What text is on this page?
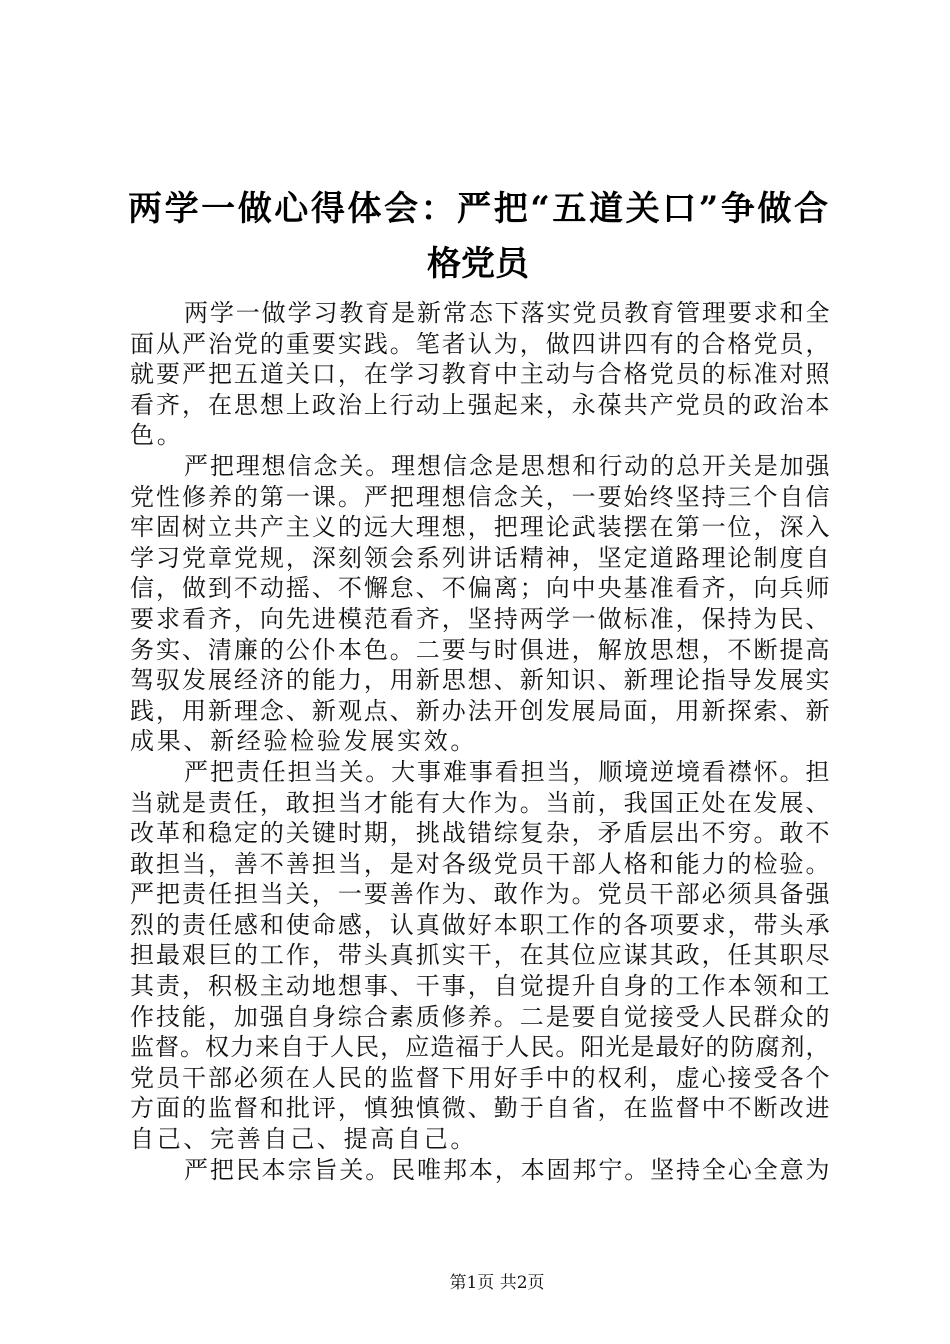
两学一做心得体会：严把“五道关口”争做合
格党员
两学一做学习教育是新常态下落实党员教育管理要求和全
面从严治党的重要实践。笔者认为，做四讲四有的合格党员，
就要严把五道关口，在学习教育中主动与合格党员的标准对照
看齐，在思想上政治上行动上强起来，永葆共产党员的政治本
色。
严把理想信念关。理想信念是思想和行动的总开关是加强
党性修养的第一课。严把理想信念关，一要始终坚持三个自信
牢固树立共产主义的远大理想，把理论武装摆在第一位，深入
学习党章党规，深刻领会系列讲话精神，坚定道路理论制度自
信，做到不动摇、不懈怠、不偏离；向中央基准看齐，向兵师
要求看齐，向先进模范看齐，坚持两学一做标准，保持为民、
务实、清廉的公仆本色。二要与时俱进，解放思想，不断提高
驾驭发展经济的能力，用新思想、新知识、新理论指导发展实
践，用新理念、新观点、新办法开创发展局面，用新探索、新
成果、新经验检验发展实效。
严把责任担当关。大事难事看担当，顺境逆境看襟怀。担
当就是责任，敢担当才能有大作为。当前，我国正处在发展、
改革和稳定的关键时期，挑战错综复杂，矛盾层出不穷。敢不
敢担当，善不善担当，是对各级党员干部人格和能力的检验。
严把责任担当关，一要善作为、敢作为。党员干部必须具备强
烈的责任感和使命感，认真做好本职工作的各项要求，带头承
担最艰巨的工作，带头真抓实干，在其位应谋其政，任其职尽
其责，积极主动地想事、干事，自觉提升自身的工作本领和工
作技能，加强自身综合素质修养。二是要自觉接受人民群众的
监督。权力来自于人民，应造福于人民。阳光是最好的防腐剂，
党员干部必须在人民的监督下用好手中的权利，虚心接受各个
方面的监督和批评，慎独慎微、勤于自省，在监督中不断改进
自己、完善自己、提高自己。
严把民本宗旨关。民唯邦本，本固邦宁。坚持全心全意为
第1页 共2页
